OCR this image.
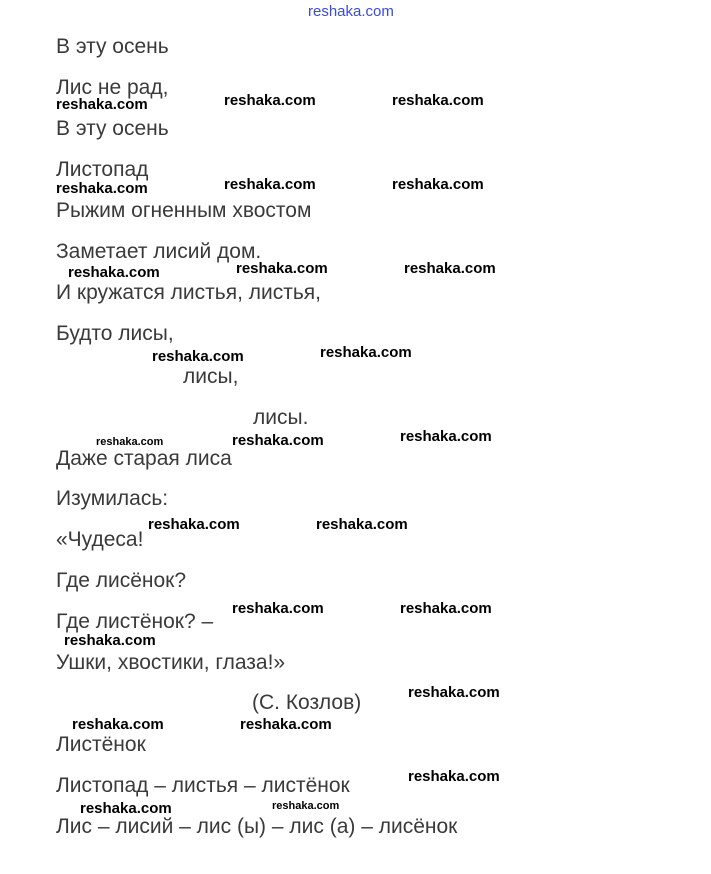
В эту осень
Лис не рад,
В эту осень
Листопад
Рыжим огненным хвостом
Заметает лисий дом.
И кружатся листья, листья,
Будто лисы,
лисы,
лисы.
Даже старая лиса
Изумилась:
«Чудеса!
Где лисёнок?
Где листёнок? –
Ушки, хвостики, глаза!»
(С. Козлов)
Листёнок
Листопад – листья – листёнок
Лис – лисий – лис (ы) – лис (а) – лисёнок
reshaka.com
reshaka.com	reshaka.com	reshaka.com
reshaka.com	reshaka.com	reshaka.com
reshaka.com	reshaka.com	reshaka.com
reshaka.com	reshaka.com
reshaka.com	reshaka.com	reshaka.com
reshaka.com	reshaka.com
reshaka.com	reshaka.com
reshaka.com
reshaka.com
reshaka.com	reshaka.com
reshaka.com
reshaka.com	reshaka.com
